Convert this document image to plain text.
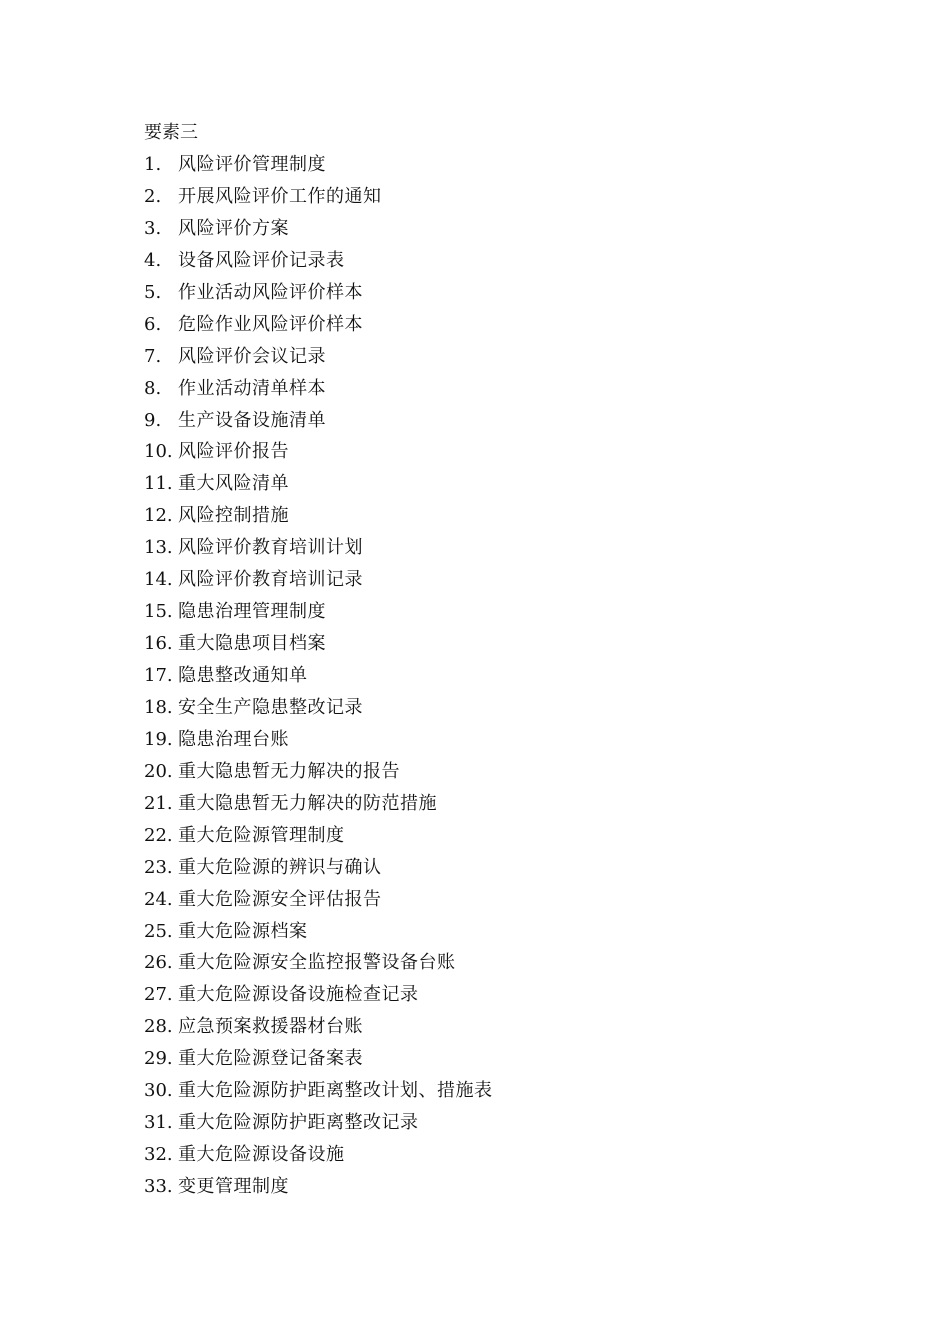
要素三
1. 风险评价管理制度
2. 开展风险评价工作的通知
3. 风险评价方案
4. 设备风险评价记录表
5. 作业活动风险评价样本
6. 危险作业风险评价样本
7. 风险评价会议记录
8. 作业活动清单样本
9. 生产设备设施清单
10. 风险评价报告
11. 重大风险清单
12. 风险控制措施
13. 风险评价教育培训计划
14. 风险评价教育培训记录
15. 隐患治理管理制度
16. 重大隐患项目档案
17. 隐患整改通知单
18. 安全生产隐患整改记录
19. 隐患治理台账
20. 重大隐患暂无力解决的报告
21. 重大隐患暂无力解决的防范措施
22. 重大危险源管理制度
23. 重大危险源的辨识与确认
24. 重大危险源安全评估报告
25. 重大危险源档案
26. 重大危险源安全监控报警设备台账
27. 重大危险源设备设施检查记录
28. 应急预案救援器材台账
29. 重大危险源登记备案表
30. 重大危险源防护距离整改计划、措施表
31. 重大危险源防护距离整改记录
32. 重大危险源设备设施
33. 变更管理制度
